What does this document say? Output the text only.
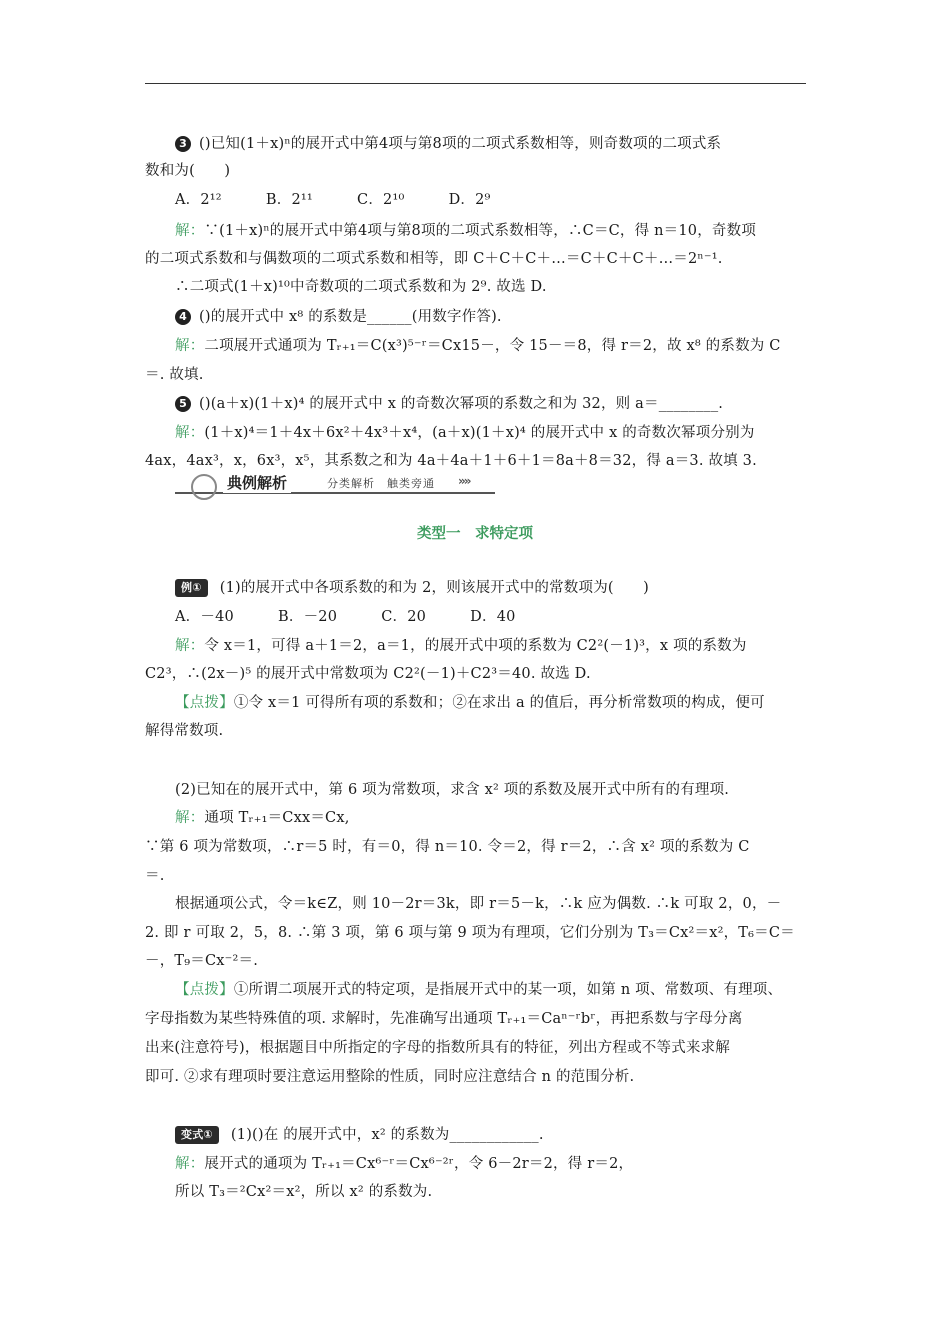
3 ()已知(1＋x)ⁿ的展开式中第4项与第8项的二项式系数相等，则奇数项的二项式系
数和为(　　)
A．2¹²　　　B．2¹¹　　　C．2¹⁰　　　D．2⁹
解：∵(1＋x)ⁿ的展开式中第4项与第8项的二项式系数相等，∴C＝C，得 n＝10，奇数项
的二项式系数和与偶数项的二项式系数和相等，即 C＋C＋C＋…＝C＋C＋C＋…＝2ⁿ⁻¹.
∴二项式(1＋x)¹⁰中奇数项的二项式系数和为 2⁹. 故选 D.
4 ()的展开式中 x⁸ 的系数是______(用数字作答).
解：二项展开式通项为 Tᵣ₊₁＝C(x³)⁵⁻ʳ＝Cx15－，令 15－＝8，得 r＝2，故 x⁸ 的系数为 C
＝. 故填.
5 ()(a＋x)(1＋x)⁴ 的展开式中 x 的奇数次幂项的系数之和为 32，则 a＝________.
解：(1＋x)⁴＝1＋4x＋6x²＋4x³＋x⁴，(a＋x)(1＋x)⁴ 的展开式中 x 的奇数次幂项分别为
4ax，4ax³，x，6x³，x⁵，其系数之和为 4a＋4a＋1＋6＋1＝8a＋8＝32，得 a＝3. 故填 3.
典例解析	分类解析　触类旁通	»»
类型一　求特定项
例① (1)的展开式中各项系数的和为 2，则该展开式中的常数项为(　　)
A．－40　　　B．－20　　　C．20　　　D．40
解：令 x＝1，可得 a＋1＝2，a＝1，的展开式中项的系数为 C2²(－1)³，x 项的系数为
C2³，∴(2x－)⁵ 的展开式中常数项为 C2²(－1)＋C2³＝40. 故选 D.
【点拨】①令 x＝1 可得所有项的系数和；②在求出 a 的值后，再分析常数项的构成，便可
解得常数项.
(2)已知在的展开式中，第 6 项为常数项，求含 x² 项的系数及展开式中所有的有理项.
解：通项 Tᵣ₊₁＝Cxx＝Cx,
∵第 6 项为常数项，∴r＝5 时，有＝0，得 n＝10. 令＝2，得 r＝2，∴含 x² 项的系数为 C
＝.
根据通项公式，令＝k∈Z，则 10－2r＝3k，即 r＝5－k，∴k 应为偶数. ∴k 可取 2，0，－
2. 即 r 可取 2，5，8. ∴第 3 项，第 6 项与第 9 项为有理项，它们分别为 T₃＝Cx²＝x²，T₆＝C＝
－，T₉＝Cx⁻²＝.
【点拨】①所谓二项展开式的特定项，是指展开式中的某一项，如第 n 项、常数项、有理项、
字母指数为某些特殊值的项. 求解时，先准确写出通项 Tᵣ₊₁＝Caⁿ⁻ʳbʳ，再把系数与字母分离
出来(注意符号)，根据题目中所指定的字母的指数所具有的特征，列出方程或不等式来求解
即可. ②求有理项时要注意运用整除的性质，同时应注意结合 n 的范围分析.
变式① (1)()在 的展开式中，x² 的系数为____________.
解：展开式的通项为 Tᵣ₊₁＝Cx⁶⁻ʳ＝Cx⁶⁻²ʳ，令 6－2r＝2，得 r＝2，
所以 T₃＝²Cx²＝x²，所以 x² 的系数为.
